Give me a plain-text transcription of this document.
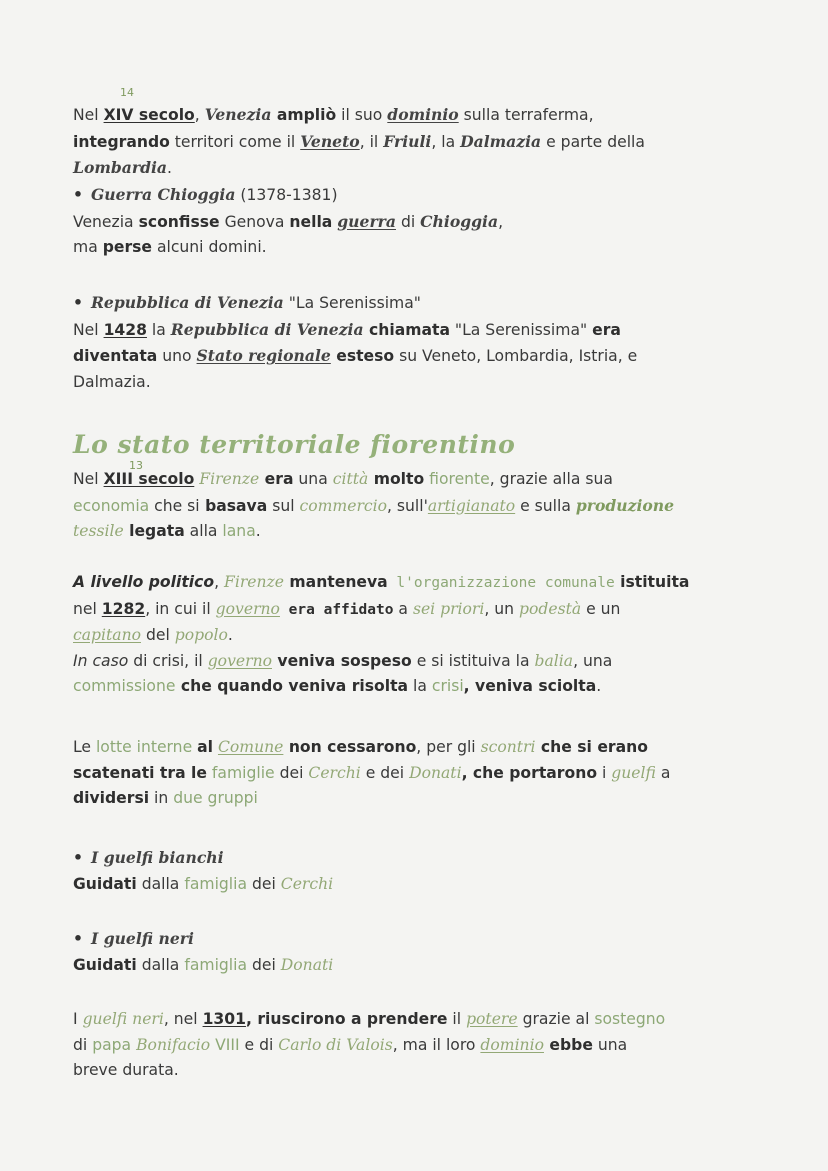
14
Nel XIV secolo, Venezia ampliò il suo dominio sulla terraferma,
integrando territori come il Veneto, il Friuli, la Dalmazia e parte della
Lombardia.
• Guerra Chioggia (1378-1381)
Venezia sconfisse Genova nella guerra di Chioggia,
ma perse alcuni domini.
• Repubblica di Venezia "La Serenissima"
Nel 1428 la Repubblica di Venezia chiamata "La Serenissima" era
diventata uno Stato regionale esteso su Veneto, Lombardia, Istria, e
Dalmazia.
Lo stato territoriale fiorentino
13
Nel XIII secolo Firenze era una città molto fiorente, grazie alla sua
economia che si basava sul commercio, sull'artigianato e sulla produzione
tessile legata alla lana.
A livello politico, Firenze manteneva l'organizzazione comunale istituita
nel 1282, in cui il governo era affidato a sei priori, un podestà e un
capitano del popolo.
In caso di crisi, il governo veniva sospeso e si istituiva la balia, una
commissione che quando veniva risolta la crisi, veniva sciolta.
Le lotte interne al Comune non cessarono, per gli scontri che si erano
scatenati tra le famiglie dei Cerchi e dei Donati, che portarono i guelfi a
dividersi in due gruppi
• I guelfi bianchi
Guidati dalla famiglia dei Cerchi
• I guelfi neri
Guidati dalla famiglia dei Donati
I guelfi neri, nel 1301, riuscirono a prendere il potere grazie al sostegno
di papa Bonifacio VIII e di Carlo di Valois, ma il loro dominio ebbe una
breve durata.
